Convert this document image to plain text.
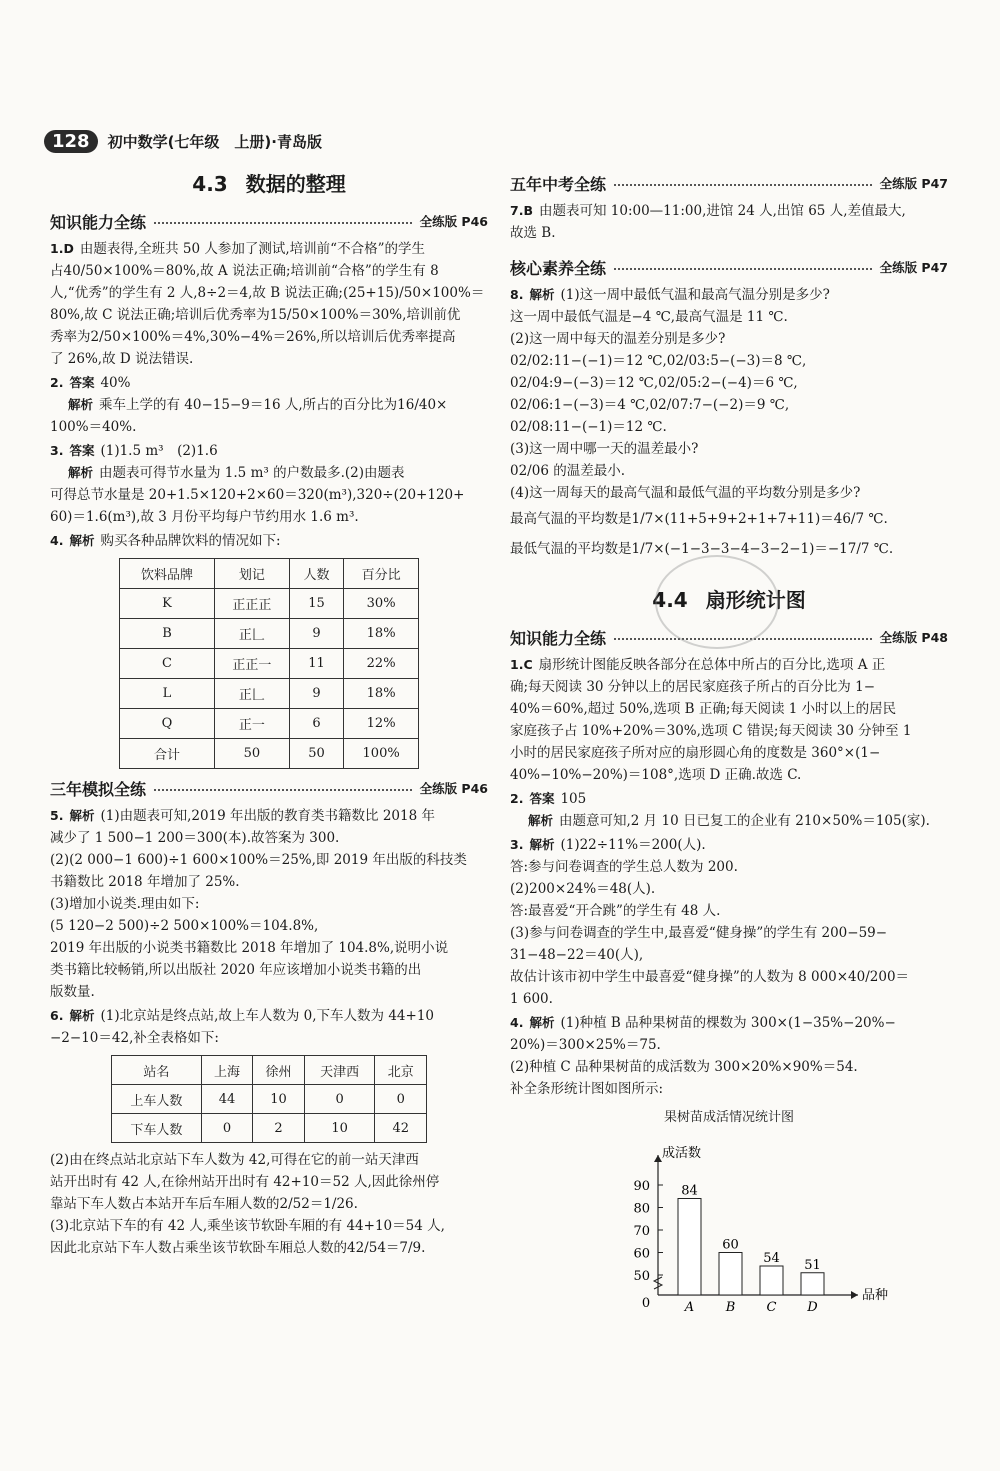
128	初中数学(七年级　上册)·青岛版
4.3 数据的整理
知识能力全练	全练版 P46
1.D 由题表得,全班共 50 人参加了测试,培训前“不合格”的学生
占40/50×100%＝80%,故 A 说法正确;培训前“合格”的学生有 8
人,“优秀”的学生有 2 人,8÷2＝4,故 B 说法正确;(25+15)/50×100%＝
80%,故 C 说法正确;培训后优秀率为15/50×100%＝30%,培训前优
秀率为2/50×100%＝4%,30%−4%＝26%,所以培训后优秀率提高
了 26%,故 D 说法错误.
2. 答案 40%
解析 乘车上学的有 40−15−9＝16 人,所占的百分比为16/40×
100%＝40%.
3. 答案 (1)1.5 m³　(2)1.6
解析 由题表可得节水量为 1.5 m³ 的户数最多.(2)由题表
可得总节水量是 20+1.5×120+2×60＝320(m³),320÷(20+120+
60)＝1.6(m³),故 3 月份平均每户节约用水 1.6 m³.
4. 解析 购买各种品牌饮料的情况如下:
饮料品牌	划记	人数	百分比
K	正正正	15	30%
B	正𠃊	9	18%
C	正正一	11	22%
L	正𠃊	9	18%
Q	正一	6	12%
合计	50	50	100%
三年模拟全练	全练版 P46
5. 解析 (1)由题表可知,2019 年出版的教育类书籍数比 2018 年
减少了 1 500−1 200＝300(本).故答案为 300.
(2)(2 000−1 600)÷1 600×100%＝25%,即 2019 年出版的科技类
书籍数比 2018 年增加了 25%.
(3)增加小说类.理由如下:
(5 120−2 500)÷2 500×100%＝104.8%,
2019 年出版的小说类书籍数比 2018 年增加了 104.8%,说明小说
类书籍比较畅销,所以出版社 2020 年应该增加小说类书籍的出
版数量.
6. 解析 (1)北京站是终点站,故上车人数为 0,下车人数为 44+10
−2−10＝42,补全表格如下:
站名	上海	徐州	天津西	北京
上车人数	44	10	0	0
下车人数	0	2	10	42
(2)由在终点站北京站下车人数为 42,可得在它的前一站天津西
站开出时有 42 人,在徐州站开出时有 42+10＝52 人,因此徐州停
靠站下车人数占本站开车后车厢人数的2/52＝1/26.
(3)北京站下车的有 42 人,乘坐该节软卧车厢的有 44+10＝54 人,
因此北京站下车人数占乘坐该节软卧车厢总人数的42/54＝7/9.
五年中考全练	全练版 P47
7.B 由题表可知 10:00—11:00,进馆 24 人,出馆 65 人,差值最大,
故选 B.
核心素养全练	全练版 P47
8. 解析 (1)这一周中最低气温和最高气温分别是多少?
这一周中最低气温是−4 ℃,最高气温是 11 ℃.
(2)这一周中每天的温差分别是多少?
02/02:11−(−1)＝12 ℃,02/03:5−(−3)＝8 ℃,
02/04:9−(−3)＝12 ℃,02/05:2−(−4)＝6 ℃,
02/06:1−(−3)＝4 ℃,02/07:7−(−2)＝9 ℃,
02/08:11−(−1)＝12 ℃.
(3)这一周中哪一天的温差最小?
02/06 的温差最小.
(4)这一周每天的最高气温和最低气温的平均数分别是多少?
最高气温的平均数是1/7×(11+5+9+2+1+7+11)＝46/7 ℃.
最低气温的平均数是1/7×(−1−3−3−4−3−2−1)＝−17/7 ℃.
4.4 扇形统计图
知识能力全练	全练版 P48
1.C 扇形统计图能反映各部分在总体中所占的百分比,选项 A 正
确;每天阅读 30 分钟以上的居民家庭孩子所占的百分比为 1−
40%＝60%,超过 50%,选项 B 正确;每天阅读 1 小时以上的居民
家庭孩子占 10%+20%＝30%,选项 C 错误;每天阅读 30 分钟至 1
小时的居民家庭孩子所对应的扇形圆心角的度数是 360°×(1−
40%−10%−20%)＝108°,选项 D 正确.故选 C.
2. 答案 105
解析 由题意可知,2 月 10 日已复工的企业有 210×50%＝105(家).
3. 解析 (1)22÷11%＝200(人).
答:参与问卷调查的学生总人数为 200.
(2)200×24%＝48(人).
答:最喜爱“开合跳”的学生有 48 人.
(3)参与问卷调查的学生中,最喜爱“健身操”的学生有 200−59−
31−48−22＝40(人),
故估计该市初中学生中最喜爱“健身操”的人数为 8 000×40/200＝
1 600.
4. 解析 (1)种植 B 品种果树苗的棵数为 300×(1−35%−20%−
20%)＝300×25%＝75.
(2)种植 C 品种果树苗的成活数为 300×20%×90%＝54.
补全条形统计图如图所示:
果树苗成活情况统计图
成活数
品种
0
50
60
70
80
90 84
A
60
B
54
C
51
D
